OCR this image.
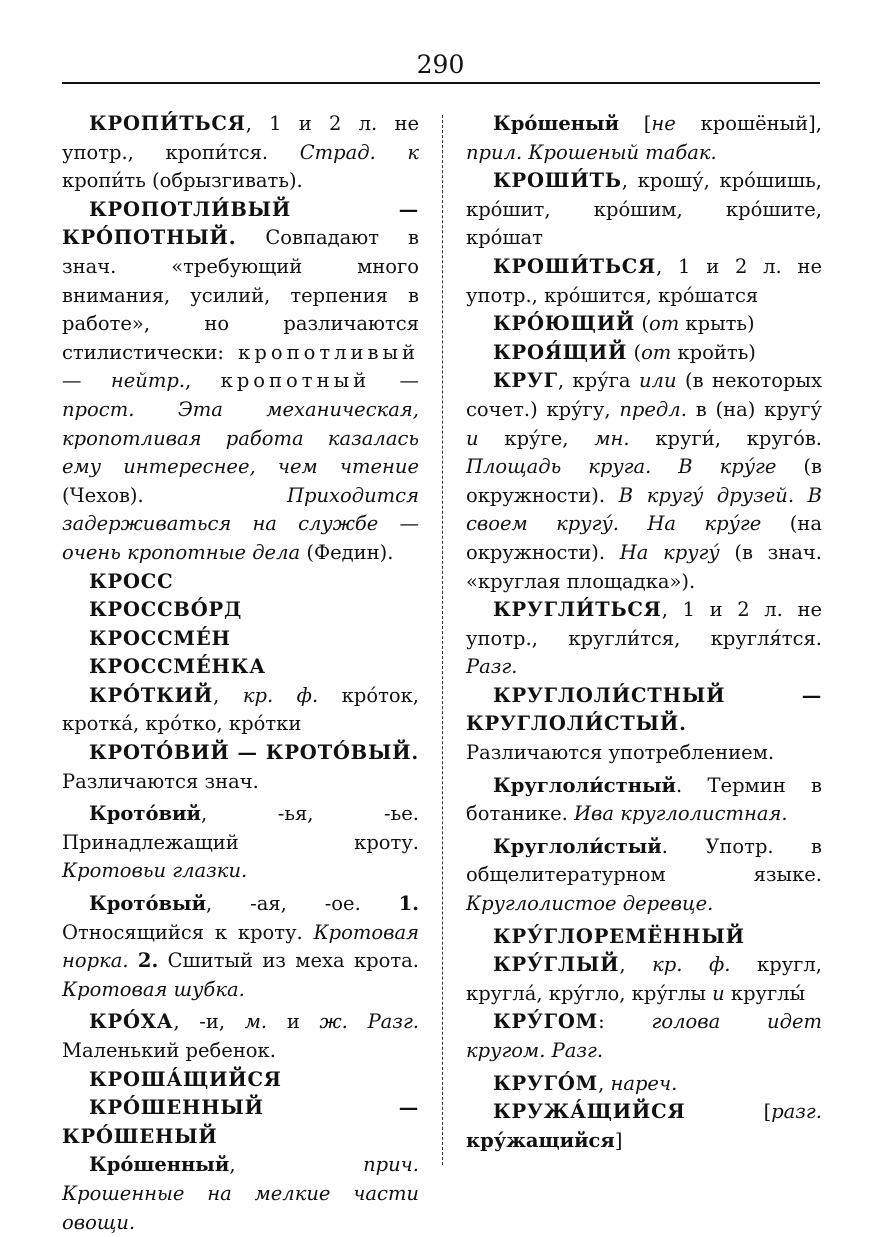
290

КРОПИ́ТЬСЯ, 1 и 2 л. не употр., кропи́тся. Страд. к кропи́ть (обрызгивать).

КРОПОТЛИ́ВЫЙ — КРО́ПОТНЫЙ. Совпадают в знач. «требующий много внимания, усилий, терпения в работе», но различаются стилистически: кропотливый — нейтр., кропотный — прост. Эта механическая, кропотливая работа казалась ему интереснее, чем чтение (Чехов). Приходится задерживаться на службе — очень кропотные дела (Федин).

КРОСС

КРОССВО́РД

КРОССМЕ́Н

КРОССМЕ́НКА

КРО́ТКИЙ, кр. ф. кро́ток, кротка́, кро́тко, кро́тки

КРОТО́ВИЙ — КРОТО́ВЫЙ. Различаются знач.

Крото́вий, -ья, -ье. Принадлежащий кроту. Кротовьи глазки.

Крото́вый, -ая, -ое. 1. Относящийся к кроту. Кротовая норка. 2. Сшитый из меха крота. Кротовая шубка.

КРО́ХА, -и, м. и ж. Разг. Маленький ребенок.

КРОША́ЩИЙСЯ

КРО́ШЕННЫЙ — КРО́ШЕНЫЙ

Кро́шенный, прич. Крошенные на мелкие части овощи.

Кро́шеный [не крошёный], прил. Крошеный табак.

КРОШИ́ТЬ, крошу́, кро́шишь, кро́шит, кро́шим, кро́шите, кро́шат

КРОШИ́ТЬСЯ, 1 и 2 л. не употр., кро́шится, кро́шатся

КРО́ЮЩИЙ (от крыть)

КРОЯ́ЩИЙ (от кройть)

КРУГ, кру́га или (в некоторых сочет.) кру́гу, предл. в (на) кругу́ и кру́ге, мн. круги́, круго́в. Площадь круга. В кру́ге (в окружности). В кругу́ друзей. В своем кругу́. На кру́ге (на окружности). На кругу́ (в знач. «круглая площадка»).

КРУГЛИ́ТЬСЯ, 1 и 2 л. не употр., кругли́тся, кругля́тся. Разг.

КРУГЛОЛИ́СТНЫЙ — КРУГЛОЛИ́СТЫЙ. Различаются употреблением.

Круглоли́стный. Термин в ботанике. Ива круглолистная.

Круглоли́стый. Употр. в общелитературном языке. Круглолистое деревце.

КРУ́ГЛОРЕМЁННЫЙ

КРУ́ГЛЫЙ, кр. ф. кругл, кругла́, кру́гло, кру́глы и круглы́

КРУ́ГОМ: голова идет кругом. Разг.

КРУГО́М, нареч.

КРУЖА́ЩИЙСЯ [разг. кру́жащийся]
